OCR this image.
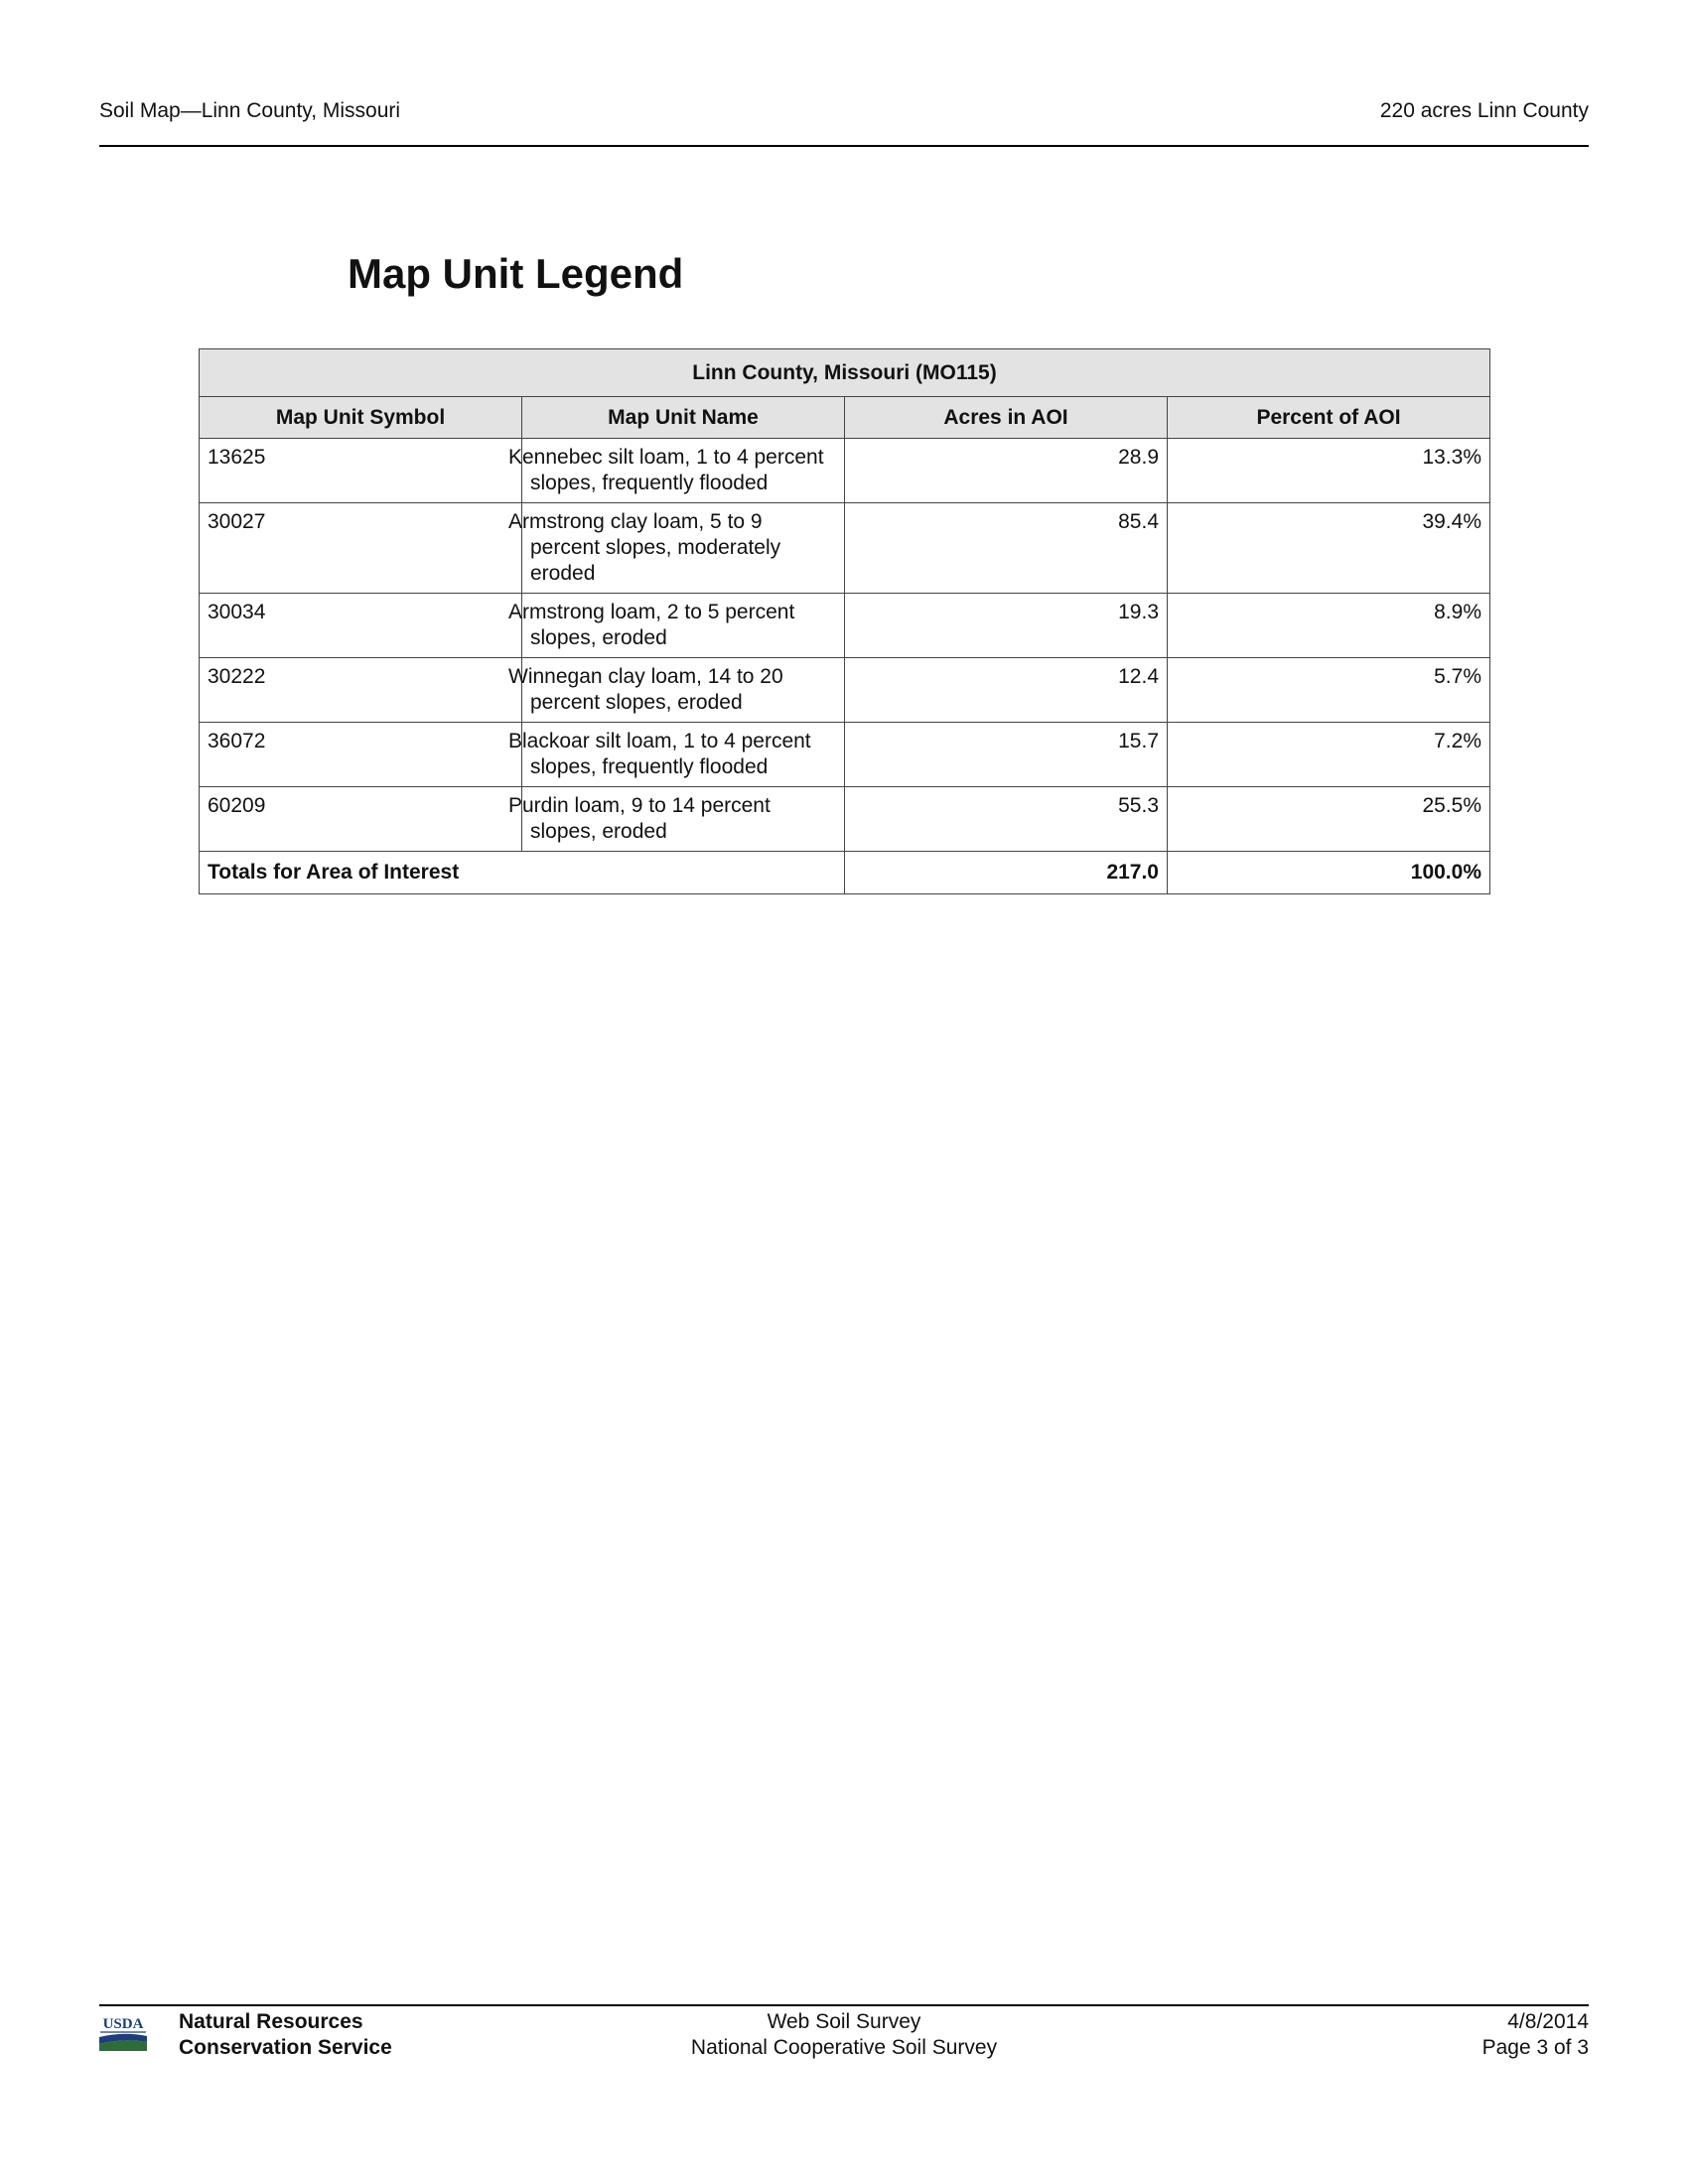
Soil Map—Linn County, Missouri	220 acres Linn County
Map Unit Legend
Linn County, Missouri (MO115)			
Map Unit Symbol	Map Unit Name	Acres in AOI	Percent of AOI
13625	Kennebec silt loam, 1 to 4 percent slopes, frequently flooded	28.9	13.3%
30027	Armstrong clay loam, 5 to 9 percent slopes, moderately eroded	85.4	39.4%
30034	Armstrong loam, 2 to 5 percent slopes, eroded	19.3	8.9%
30222	Winnegan clay loam, 14 to 20 percent slopes, eroded	12.4	5.7%
36072	Blackoar silt loam, 1 to 4 percent slopes, frequently flooded	15.7	7.2%
60209	Purdin loam, 9 to 14 percent slopes, eroded	55.3	25.5%
Totals for Area of Interest		217.0	100.0%
USDA Natural Resources
Conservation Service
Web Soil Survey
National Cooperative Soil Survey
4/8/2014
Page 3 of 3
